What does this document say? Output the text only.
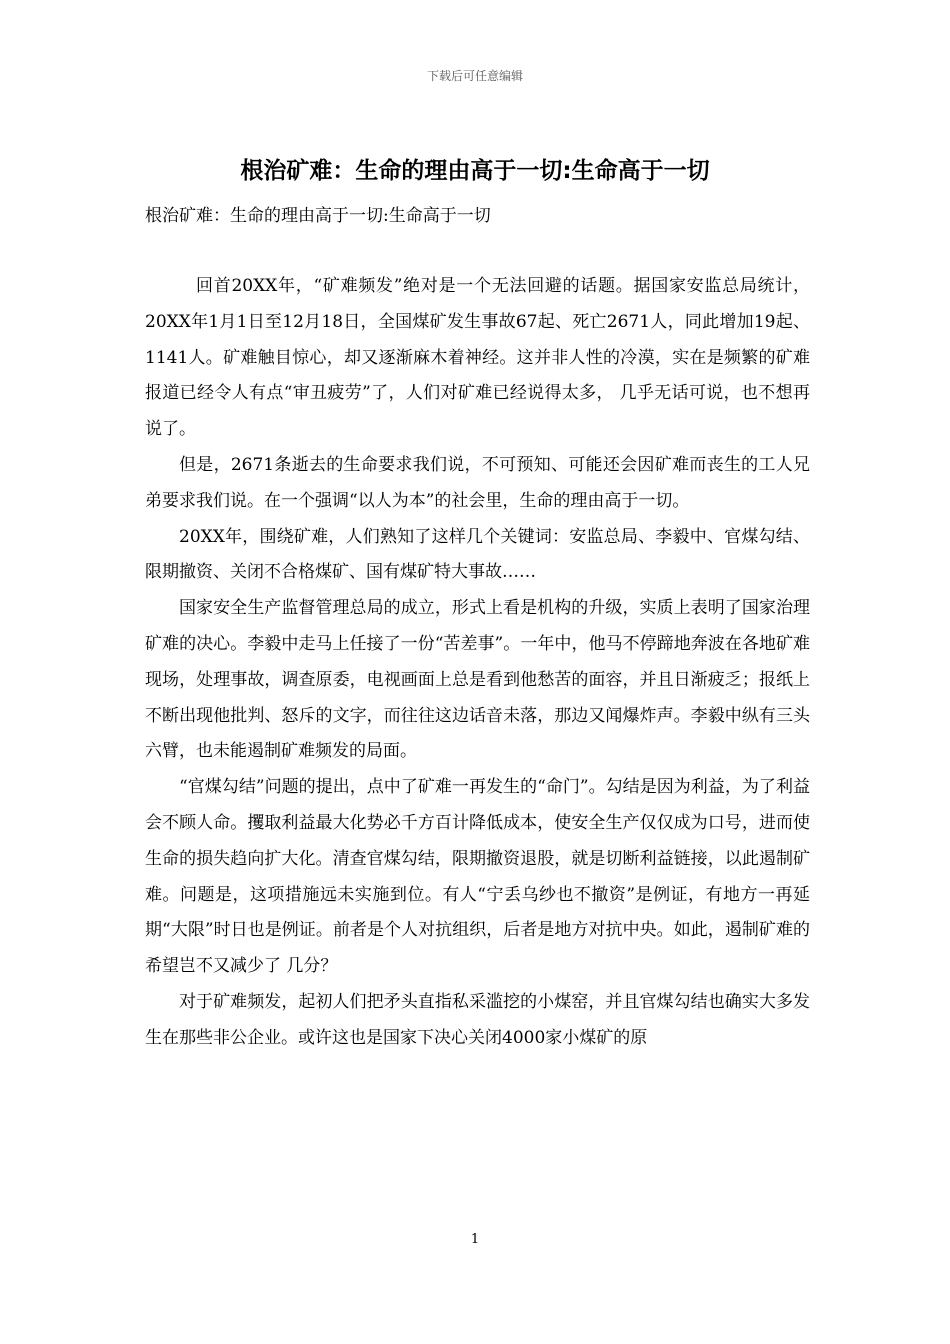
下载后可任意编辑
根治矿难：生命的理由高于一切:生命高于一切

根治矿难：生命的理由高于一切:生命高于一切

回首20XX年，“矿难频发”绝对是一个无法回避的话题。据国家安监总局统计，20XX年1月1日至12月18日，全国煤矿发生事故67起、死亡2671人，同此增加19起、1141人。矿难触目惊心，却又逐渐麻木着神经。这并非人性的冷漠，实在是频繁的矿难报道已经令人有点“审丑疲劳”了，人们对矿难已经说得太多， 几乎无话可说，也不想再说了。

但是，2671条逝去的生命要求我们说，不可预知、可能还会因矿难而丧生的工人兄弟要求我们说。在一个强调“以人为本”的社会里，生命的理由高于一切。

20XX年，围绕矿难，人们熟知了这样几个关键词：安监总局、李毅中、官煤勾结、限期撤资、关闭不合格煤矿、国有煤矿特大事故……

国家安全生产监督管理总局的成立，形式上看是机构的升级，实质上表明了国家治理矿难的决心。李毅中走马上任接了一份“苦差事”。一年中，他马不停蹄地奔波在各地矿难现场，处理事故，调查原委，电视画面上总是看到他愁苦的面容，并且日渐疲乏；报纸上不断出现他批判、怒斥的文字，而往往这边话音未落，那边又闻爆炸声。李毅中纵有三头六臂，也未能遏制矿难频发的局面。

“官煤勾结”问题的提出，点中了矿难一再发生的“命门”。勾结是因为利益，为了利益会不顾人命。攫取利益最大化势必千方百计降低成本，使安全生产仅仅成为口号，进而使生命的损失趋向扩大化。清查官煤勾结，限期撤资退股，就是切断利益链接，以此遏制矿难。问题是，这项措施远未实施到位。有人“宁丢乌纱也不撤资”是例证，有地方一再延期“大限”时日也是例证。前者是个人对抗组织，后者是地方对抗中央。如此，遏制矿难的希望岂不又减少了 几分？

对于矿难频发，起初人们把矛头直指私采滥挖的小煤窑，并且官煤勾结也确实大多发生在那些非公企业。或许这也是国家下决心关闭4000家小煤矿的原

1
